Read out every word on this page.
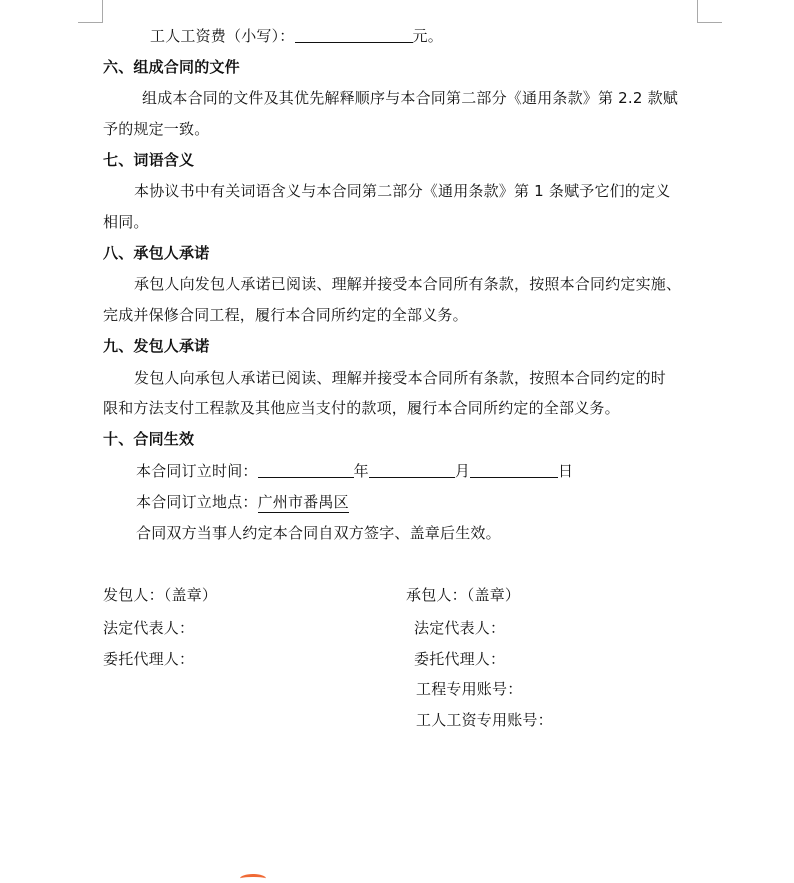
工人工资费（小写）：	元。
六、组成合同的文件
组成本合同的文件及其优先解释顺序与本合同第二部分《通用条款》第 2.2 款赋
予的规定一致。
七、词语含义
本协议书中有关词语含义与本合同第二部分《通用条款》第 1 条赋予它们的定义
相同。
八、承包人承诺
承包人向发包人承诺已阅读、理解并接受本合同所有条款，按照本合同约定实施、
完成并保修合同工程，履行本合同所约定的全部义务。
九、发包人承诺
发包人向承包人承诺已阅读、理解并接受本合同所有条款，按照本合同约定的时
限和方法支付工程款及其他应当支付的款项，履行本合同所约定的全部义务。
十、合同生效
本合同订立时间：	年	月	日
本合同订立地点：广州市番禺区
合同双方当事人约定本合同自双方签字、盖章后生效。
发包人：（盖章）
法定代表人：
委托代理人：
承包人：（盖章）
法定代表人：
委托代理人：
工程专用账号：
工人工资专用账号：
